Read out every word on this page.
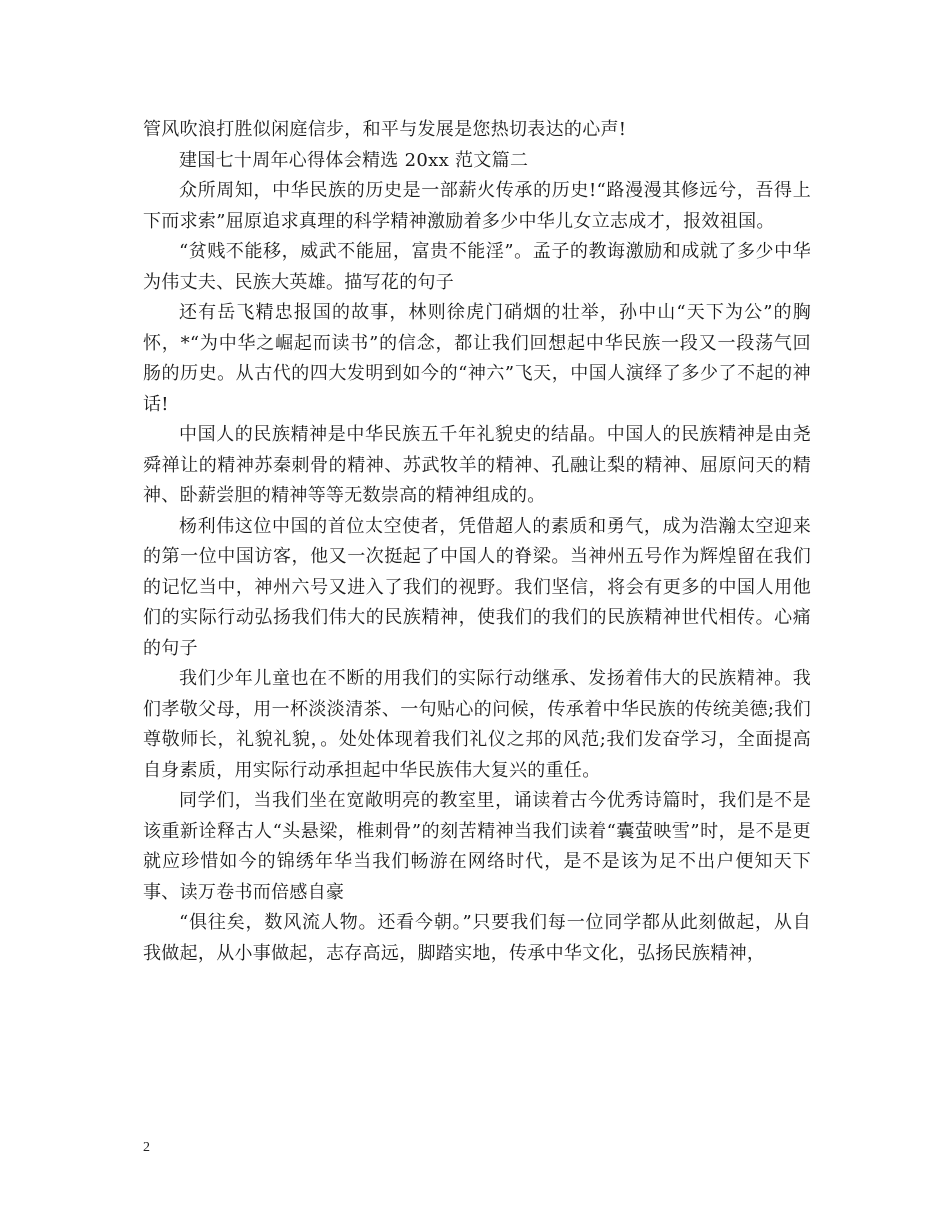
管风吹浪打胜似闲庭信步，和平与发展是您热切表达的心声!

建国七十周年心得体会精选 20xx 范文篇二

众所周知，中华民族的历史是一部薪火传承的历史!“路漫漫其修远兮，吾得上下而求索”屈原追求真理的科学精神激励着多少中华儿女立志成才，报效祖国。

“贫贱不能移，威武不能屈，富贵不能淫”。孟子的教诲激励和成就了多少中华为伟丈夫、民族大英雄。描写花的句子

还有岳飞精忠报国的故事，林则徐虎门硝烟的壮举，孙中山“天下为公”的胸怀，*“为中华之崛起而读书”的信念，都让我们回想起中华民族一段又一段荡气回肠的历史。从古代的四大发明到如今的“神六”飞天，中国人演绎了多少了不起的神话!

中国人的民族精神是中华民族五千年礼貌史的结晶。中国人的民族精神是由尧舜禅让的精神苏秦刺骨的精神、苏武牧羊的精神、孔融让梨的精神、屈原问天的精神、卧薪尝胆的精神等等无数崇高的精神组成的。

杨利伟这位中国的首位太空使者，凭借超人的素质和勇气，成为浩瀚太空迎来的第一位中国访客，他又一次挺起了中国人的脊梁。当神州五号作为辉煌留在我们的记忆当中，神州六号又进入了我们的视野。我们坚信，将会有更多的中国人用他们的实际行动弘扬我们伟大的民族精神，使我们的我们的民族精神世代相传。心痛的句子

我们少年儿童也在不断的用我们的实际行动继承、发扬着伟大的民族精神。我们孝敬父母，用一杯淡淡清茶、一句贴心的问候，传承着中华民族的传统美德;我们尊敬师长，礼貌礼貌，。处处体现着我们礼仪之邦的风范;我们发奋学习，全面提高自身素质，用实际行动承担起中华民族伟大复兴的重任。

同学们，当我们坐在宽敞明亮的教室里，诵读着古今优秀诗篇时，我们是不是该重新诠释古人“头悬梁，椎刺骨”的刻苦精神当我们读着“囊萤映雪”时，是不是更就应珍惜如今的锦绣年华当我们畅游在网络时代，是不是该为足不出户便知天下事、读万卷书而倍感自豪

“俱往矣，数风流人物。还看今朝。”只要我们每一位同学都从此刻做起，从自我做起，从小事做起，志存高远，脚踏实地，传承中华文化，弘扬民族精神，

2
